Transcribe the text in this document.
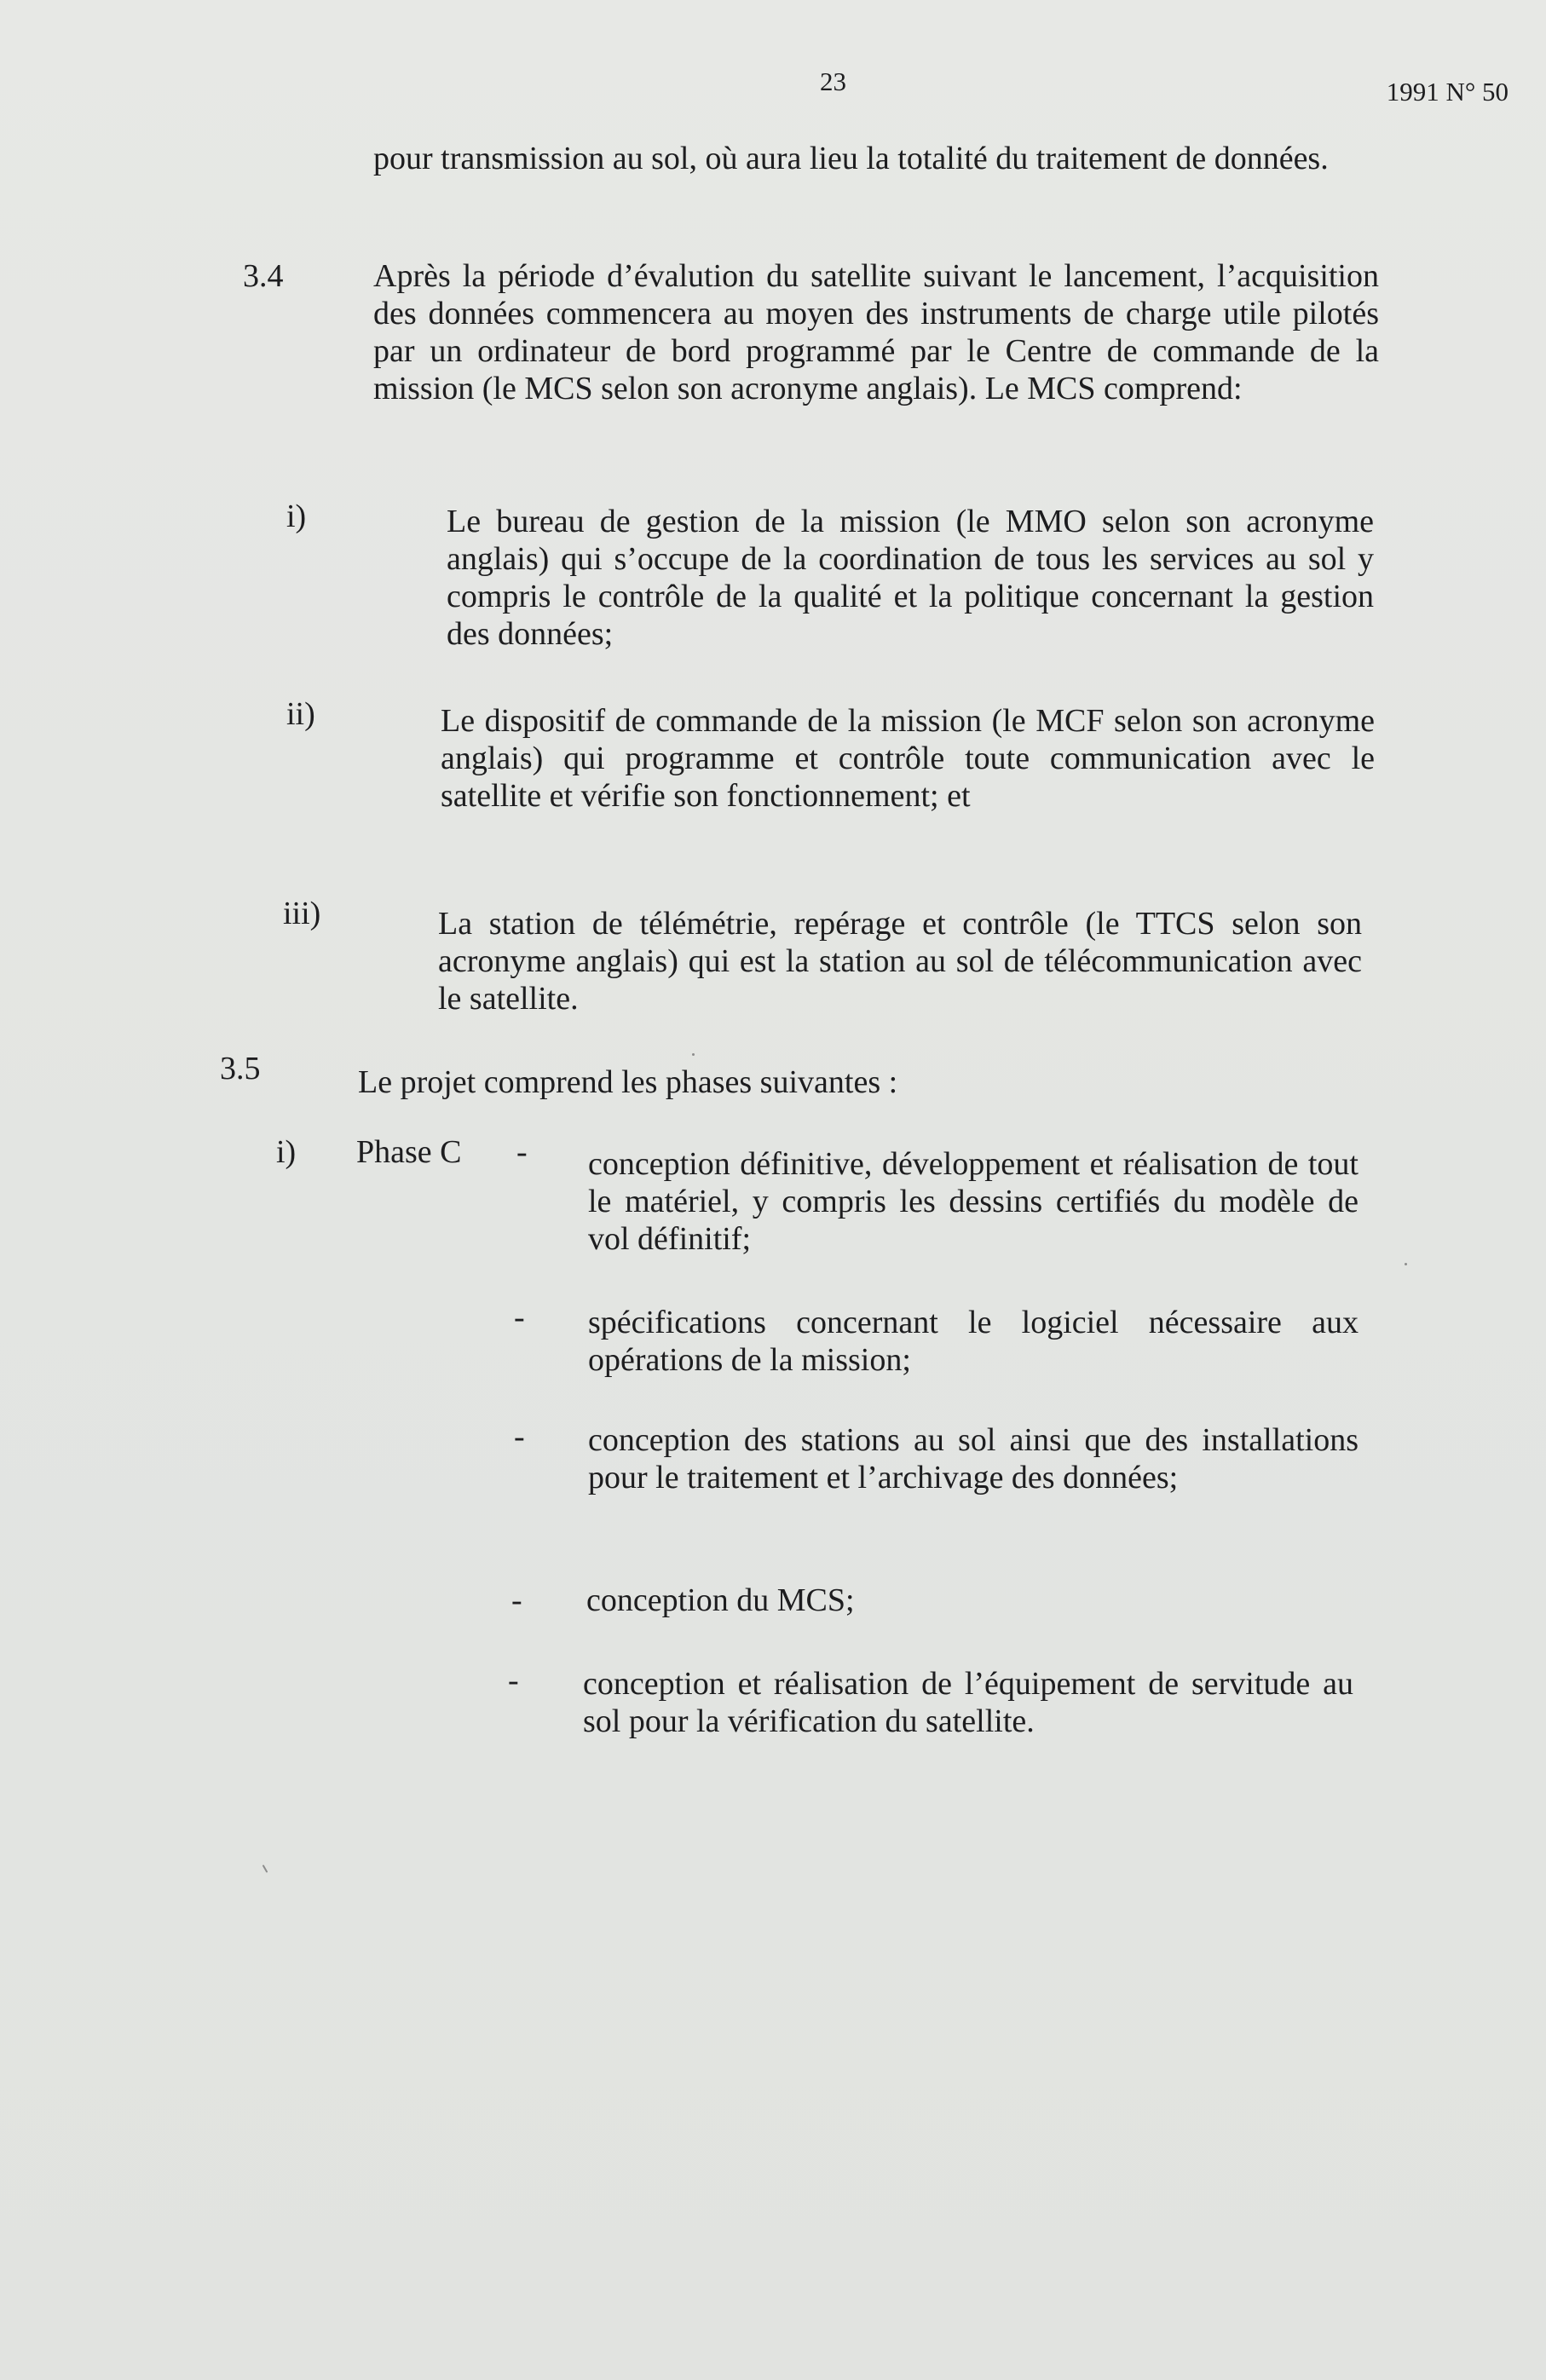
23	1991 N° 50
pour transmission au sol, où aura lieu la totalité du traitement de données.
3.4	Après la période d’évalution du satellite suivant le lancement, l’acquisition des données commencera au moyen des instruments de charge utile pilotés par un ordinateur de bord programmé par le Centre de commande de la mission (le MCS selon son acronyme anglais). Le MCS comprend:
i)	Le bureau de gestion de la mission (le MMO selon son acronyme anglais) qui s’occupe de la coordination de tous les services au sol y compris le contrôle de la qualité et la politique concernant la gestion des données;
ii)	Le dispositif de commande de la mission (le MCF selon son acronyme anglais) qui programme et contrôle toute communication avec le satellite et vérifie son fonctionnement; et
iii)	La station de télémétrie, repérage et contrôle (le TTCS selon son acronyme anglais) qui est la station au sol de télécommunication avec le satellite.
3.5	Le projet comprend les phases suivantes :
i) Phase C - conception définitive, développement et réalisation de tout le matériel, y compris les dessins certifiés du modèle de vol définitif;
- spécifications concernant le logiciel nécessaire aux opérations de la mission;
- conception des stations au sol ainsi que des installations pour le traitement et l’archivage des données;
- conception du MCS;
- conception et réalisation de l’équipement de servitude au sol pour la vérification du satellite.
